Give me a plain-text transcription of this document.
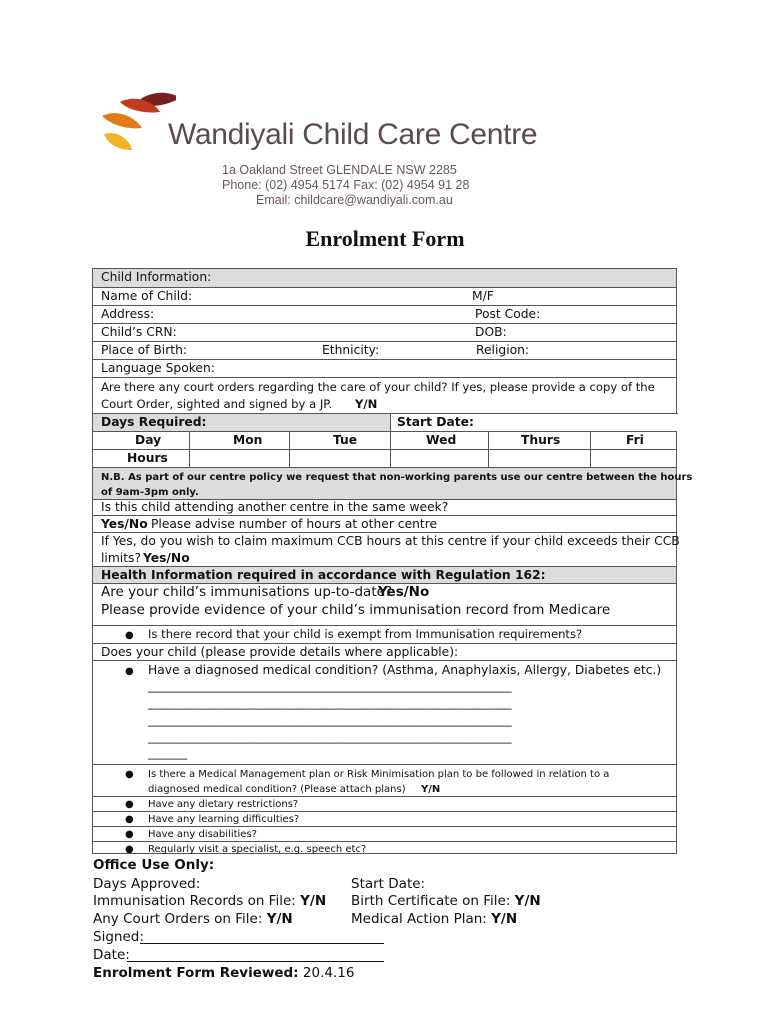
Wandiyali Child Care Centre
1a Oakland Street GLENDALE NSW 2285
Phone: (02) 4954 5174 Fax: (02) 4954 91 28
Email: childcare@wandiyali.com.au
Enrolment Form
Child Information:
Name of Child:	M/F
Address:	Post Code:
Child’s CRN:	DOB:
Place of Birth:	Ethnicity:	Religion:
Language Spoken:
Are there any court orders regarding the care of your child? If yes, please provide a copy of the
Court Order, sighted and signed by a JP. Y/N
Days Required:	Start Date:
Day	Mon	Tue	Wed	Thurs	Fri
Hours
N.B. As part of our centre policy we request that non-working parents use our centre between the hours
of 9am-3pm only.
Is this child attending another centre in the same week?
Yes/No Please advise number of hours at other centre
If Yes, do you wish to claim maximum CCB hours at this centre if your child exceeds their CCB
limits? Yes/No
Health Information required in accordance with Regulation 162:
Are your child’s immunisations up-to-date?
Yes/No
Please provide evidence of your child’s immunisation record from Medicare
● Is there record that your child is exempt from Immunisation requirements?
Does your child (please provide details where applicable):
● Have a diagnosed medical condition? (Asthma, Anaphylaxis, Allergy, Diabetes etc.)
_________________________________________________________________
_________________________________________________________________
_________________________________________________________________
_________________________________________________________________
_______
● Is there a Medical Management plan or Risk Minimisation plan to be followed in relation to a
diagnosed medical condition? (Please attach plans) Y/N
● Have any dietary restrictions?
● Have any learning difficulties?
● Have any disabilities?
● Regularly visit a specialist, e.g. speech etc?
Office Use Only:
Days Approved:	Start Date:
Immunisation Records on File: Y/N Birth Certificate on File: Y/N
Any Court Orders on File: Y/N	Medical Action Plan: Y/N
Signed:
Date:
Enrolment Form Reviewed: 20.4.16
